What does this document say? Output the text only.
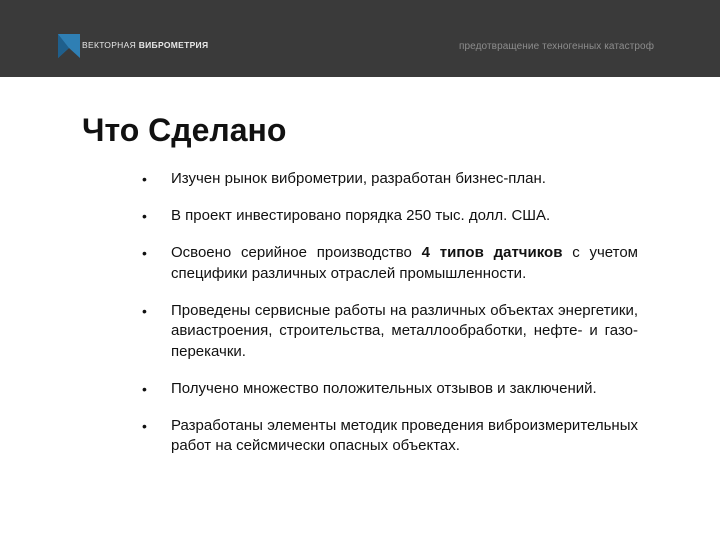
ВЕКТОРНАЯ ВИБРОМЕТРИЯ	предотвращение техногенных катастроф
Что Сделано
• Изучен рынок виброметрии, разработан бизнес-план.
• В проект инвестировано порядка 250 тыс. долл. США.
• Освоено серийное производство 4 типов датчиков с учетом специфики различных отраслей промышленности.
• Проведены сервисные работы на различных объектах энергетики, авиастроения, строительства, металлообработки, нефте- и газо- перекачки.
• Получено множество положительных отзывов и заключений.
• Разработаны элементы методик проведения виброизмерительных работ на сейсмически опасных объектах.
